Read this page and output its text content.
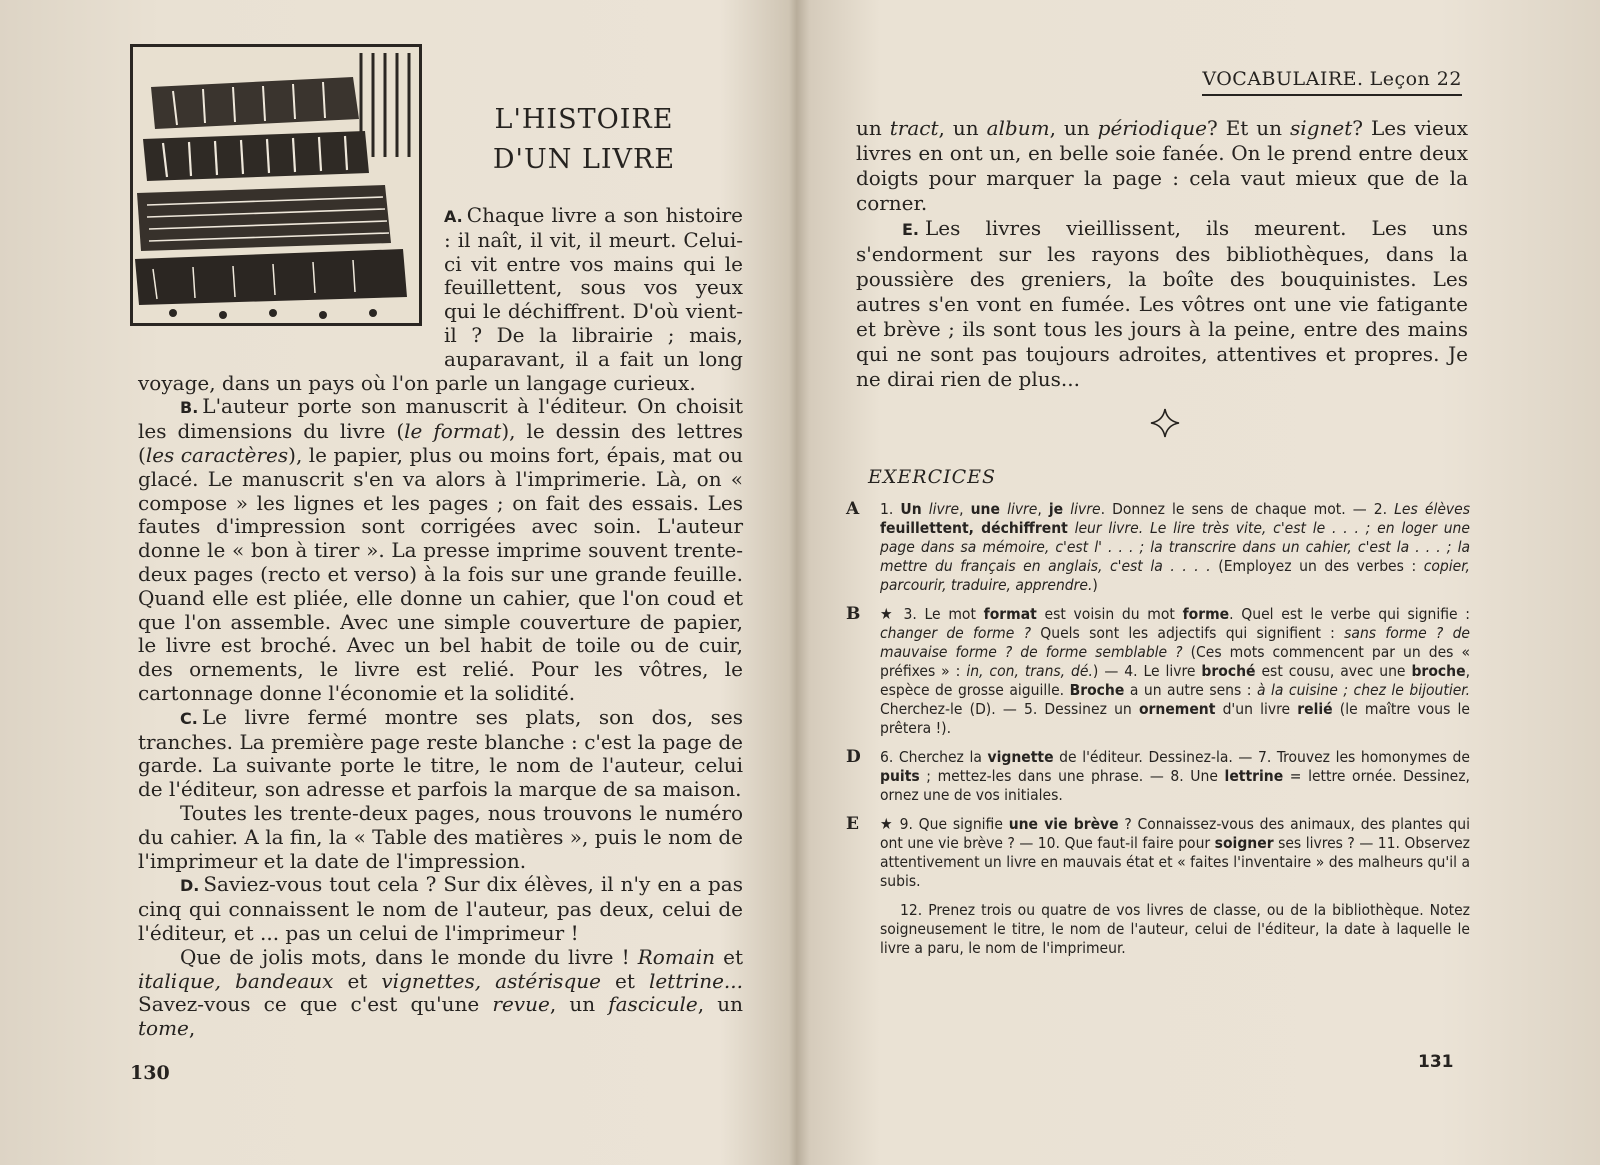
L'HISTOIRE
D'UN LIVRE

A. Chaque livre a son histoire : il naît, il vit, il meurt. Celui-ci vit entre vos mains qui le feuillettent, sous vos yeux qui le déchiffrent. D'où vient-il ? De la librairie ; mais, auparavant, il a fait un long voyage, dans un pays où l'on parle un langage curieux.

B. L'auteur porte son manuscrit à l'éditeur. On choisit les dimensions du livre (le format), le dessin des lettres (les caractères), le papier, plus ou moins fort, épais, mat ou glacé. Le manuscrit s'en va alors à l'imprimerie. Là, on « compose » les lignes et les pages ; on fait des essais. Les fautes d'impression sont corrigées avec soin. L'auteur donne le « bon à tirer ». La presse imprime souvent trente-deux pages (recto et verso) à la fois sur une grande feuille. Quand elle est pliée, elle donne un cahier, que l'on coud et que l'on assemble. Avec une simple couverture de papier, le livre est broché. Avec un bel habit de toile ou de cuir, des ornements, le livre est relié. Pour les vôtres, le cartonnage donne l'économie et la solidité.

C. Le livre fermé montre ses plats, son dos, ses tranches. La première page reste blanche : c'est la page de garde. La suivante porte le titre, le nom de l'auteur, celui de l'éditeur, son adresse et parfois la marque de sa maison.

Toutes les trente-deux pages, nous trouvons le numéro du cahier. A la fin, la « Table des matières », puis le nom de l'imprimeur et la date de l'impression.

D. Saviez-vous tout cela ? Sur dix élèves, il n'y en a pas cinq qui connaissent le nom de l'auteur, pas deux, celui de l'éditeur, et ... pas un celui de l'imprimeur !

Que de jolis mots, dans le monde du livre ! Romain et italique, bandeaux et vignettes, astérisque et lettrine... Savez-vous ce que c'est qu'une revue, un fascicule, un tome,

130
VOCABULAIRE. Leçon 22

un tract, un album, un périodique? Et un signet? Les vieux livres en ont un, en belle soie fanée. On le prend entre deux doigts pour marquer la page : cela vaut mieux que de la corner.

E. Les livres vieillissent, ils meurent. Les uns s'endorment sur les rayons des bibliothèques, dans la poussière des greniers, la boîte des bouquinistes. Les autres s'en vont en fumée. Les vôtres ont une vie fatigante et brève ; ils sont tous les jours à la peine, entre des mains qui ne sont pas toujours adroites, attentives et propres. Je ne dirai rien de plus...

EXERCICES
A 1. Un livre, une livre, je livre. Donnez le sens de chaque mot. — 2. Les élèves feuillettent, déchiffrent leur livre. Le lire très vite, c'est le . . . ; en loger une page dans sa mémoire, c'est l' . . . ; la transcrire dans un cahier, c'est la . . . ; la mettre du français en anglais, c'est la . . . . (Employez un des verbes : copier, parcourir, traduire, apprendre.)
B ★ 3. Le mot format est voisin du mot forme. Quel est le verbe qui signifie : changer de forme ? Quels sont les adjectifs qui signifient : sans forme ? de mauvaise forme ? de forme semblable ? (Ces mots commencent par un des « préfixes » : in, con, trans, dé.) — 4. Le livre broché est cousu, avec une broche, espèce de grosse aiguille. Broche a un autre sens : à la cuisine ; chez le bijoutier. Cherchez-le (D). — 5. Dessinez un ornement d'un livre relié (le maître vous le prêtera !).
D 6. Cherchez la vignette de l'éditeur. Dessinez-la. — 7. Trouvez les homonymes de puits ; mettez-les dans une phrase. — 8. Une lettrine = lettre ornée. Dessinez, ornez une de vos initiales.
E ★ 9. Que signifie une vie brève ? Connaissez-vous des animaux, des plantes qui ont une vie brève ? — 10. Que faut-il faire pour soigner ses livres ? — 11. Observez attentivement un livre en mauvais état et « faites l'inventaire » des malheurs qu'il a subis.
12. Prenez trois ou quatre de vos livres de classe, ou de la bibliothèque. Notez soigneusement le titre, le nom de l'auteur, celui de l'éditeur, la date à laquelle le livre a paru, le nom de l'imprimeur.
131
